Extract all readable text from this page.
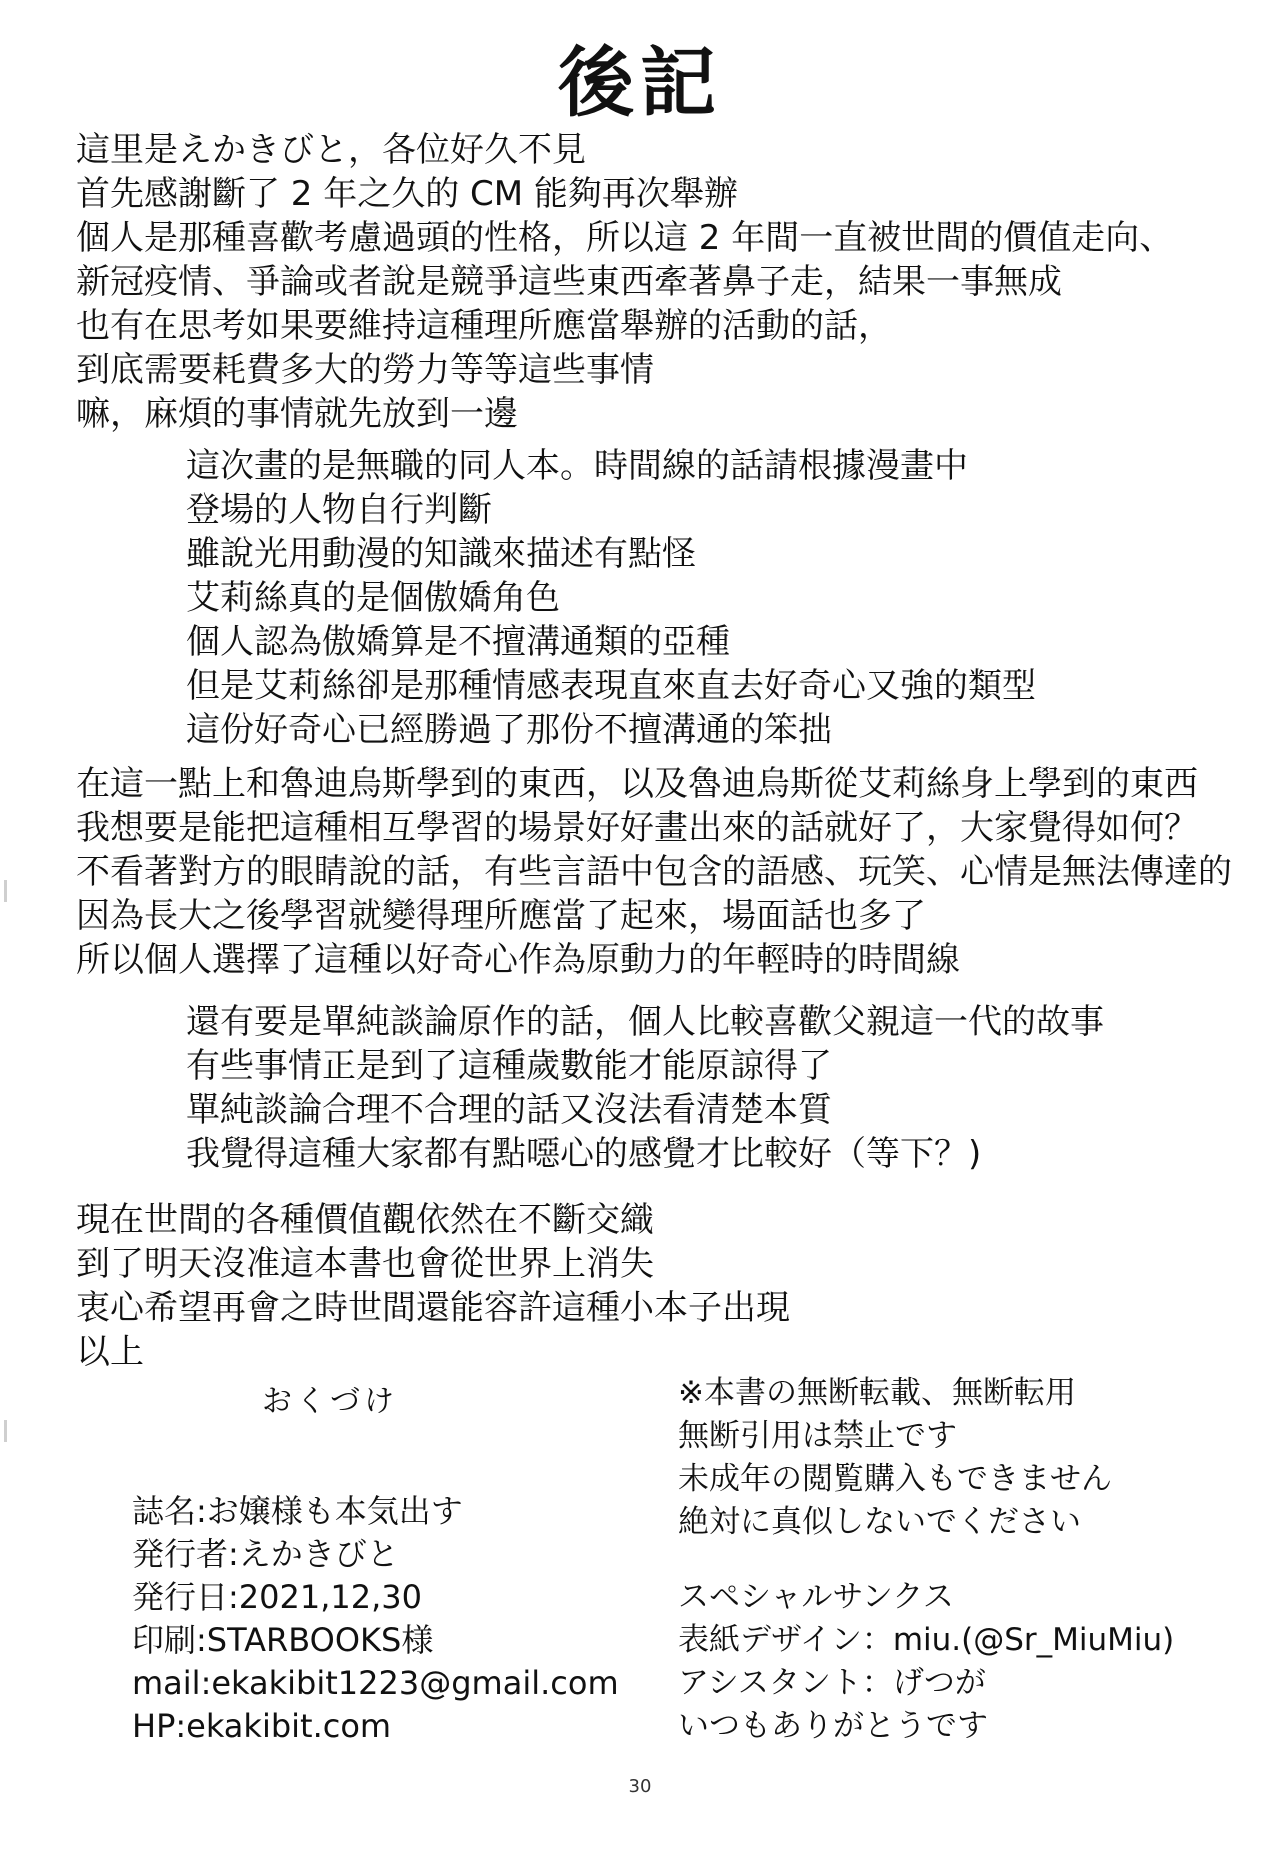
後記
這里是えかきびと，各位好久不見
首先感謝斷了 2 年之久的 CM 能夠再次舉辦
個人是那種喜歡考慮過頭的性格，所以這 2 年間一直被世間的價值走向、
新冠疫情、爭論或者說是競爭這些東西牽著鼻子走，結果一事無成
也有在思考如果要維持這種理所應當舉辦的活動的話，
到底需要耗費多大的勞力等等這些事情
嘛，麻煩的事情就先放到一邊
這次畫的是無職的同人本。時間線的話請根據漫畫中
登場的人物自行判斷
雖說光用動漫的知識來描述有點怪
艾莉絲真的是個傲嬌角色
個人認為傲嬌算是不擅溝通類的亞種
但是艾莉絲卻是那種情感表現直來直去好奇心又強的類型
這份好奇心已經勝過了那份不擅溝通的笨拙
在這一點上和魯迪烏斯學到的東西，以及魯迪烏斯從艾莉絲身上學到的東西
我想要是能把這種相互學習的場景好好畫出來的話就好了，大家覺得如何？
不看著對方的眼睛說的話，有些言語中包含的語感、玩笑、心情是無法傳達的
因為長大之後學習就變得理所應當了起來，場面話也多了
所以個人選擇了這種以好奇心作為原動力的年輕時的時間線
還有要是單純談論原作的話，個人比較喜歡父親這一代的故事
有些事情正是到了這種歲數能才能原諒得了
單純談論合理不合理的話又沒法看清楚本質
我覺得這種大家都有點噁心的感覺才比較好（等下？)
現在世間的各種價值觀依然在不斷交織
到了明天沒准這本書也會從世界上消失
衷心希望再會之時世間還能容許這種小本子出現
以上
おくづけ
誌名:お嬢様も本気出す
発行者:えかきびと
発行日:2021,12,30
印刷:STARBOOKS様
mail:ekakibit1223@gmail.com
HP:ekakibit.com
※本書の無断転載、無断転用
無断引用は禁止です
未成年の閲覧購入もできません
絶対に真似しないでください
スペシャルサンクス
表紙デザイン：miu.(@Sr_MiuMiu)
アシスタント：げつが
いつもありがとうです
30
